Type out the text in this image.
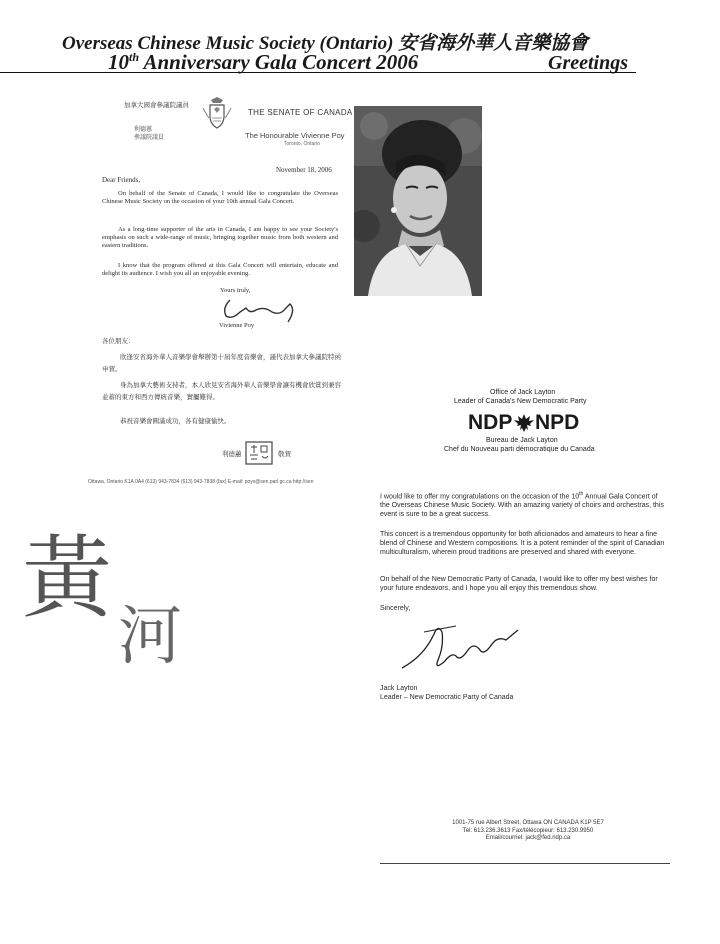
Overseas Chinese Music Society (Ontario) 安省海外華人音樂協會
10th Anniversary Gala Concert 2006	Greetings
加拿大國會參議院議員
利德蕙
參議院議員
THE SENATE OF CANADA
The Honourable Vivienne Poy
Toronto, Ontario
November 18, 2006
Dear Friends,
On behalf of the Senate of Canada, I would like to congratulate the Overseas Chinese Music Society on the occasion of your 10th annual Gala Concert.
As a long-time supporter of the arts in Canada, I am happy to see your Society's emphasis on such a wide-range of music, bringing together music from both western and eastern traditions.
I know that the program offered at this Gala Concert will entertain, educate and delight its audience. I wish you all an enjoyable evening.
Yours truly,
Vivienne Poy
各位朋友：
欣逢安省海外華人音樂學會舉辦第十屆年度音樂會，謹代表加拿大參議院特函申賀。
身為加拿大藝術支持者，本人欣見安省海外華人音樂學會讓有機會欣賞到兼容並蓄的東方和西方傳統音樂，實屬難得。
恭祝音樂會圓滿成功，各有健康愉快。
利德蕙	敬賀
Ottawa, Ontario K1A 0A4 (613) 943-7834 (613) 943-7838 (fax) E-mail: poyv@sen.parl.gc.ca http://sen
黃
河
Office of Jack Layton
Leader of Canada's New Democratic Party
NDP NPD
Bureau de Jack Layton
Chef du Nouveau parti démocratique du Canada
I would like to offer my congratulations on the occasion of the 10th Annual Gala Concert of the Overseas Chinese Music Society. With an amazing variety of choirs and orchestras, this event is sure to be a great success.
This concert is a tremendous opportunity for both aficionados and amateurs to hear a fine blend of Chinese and Western compositions. It is a potent reminder of the spirit of Canadian multiculturalism, wherein proud traditions are preserved and shared with everyone.
On behalf of the New Democratic Party of Canada, I would like to offer my best wishes for your future endeavors, and I hope you all enjoy this tremendous show.
Sincerely,
Jack Layton
Leader – New Democratic Party of Canada
1001-75 rue Albert Street, Ottawa ON CANADA K1P 5E7
Tel: 613.236.3613 Fax/télécopieur: 613.230.9950
Email/courriel: jack@fed.ndp.ca
